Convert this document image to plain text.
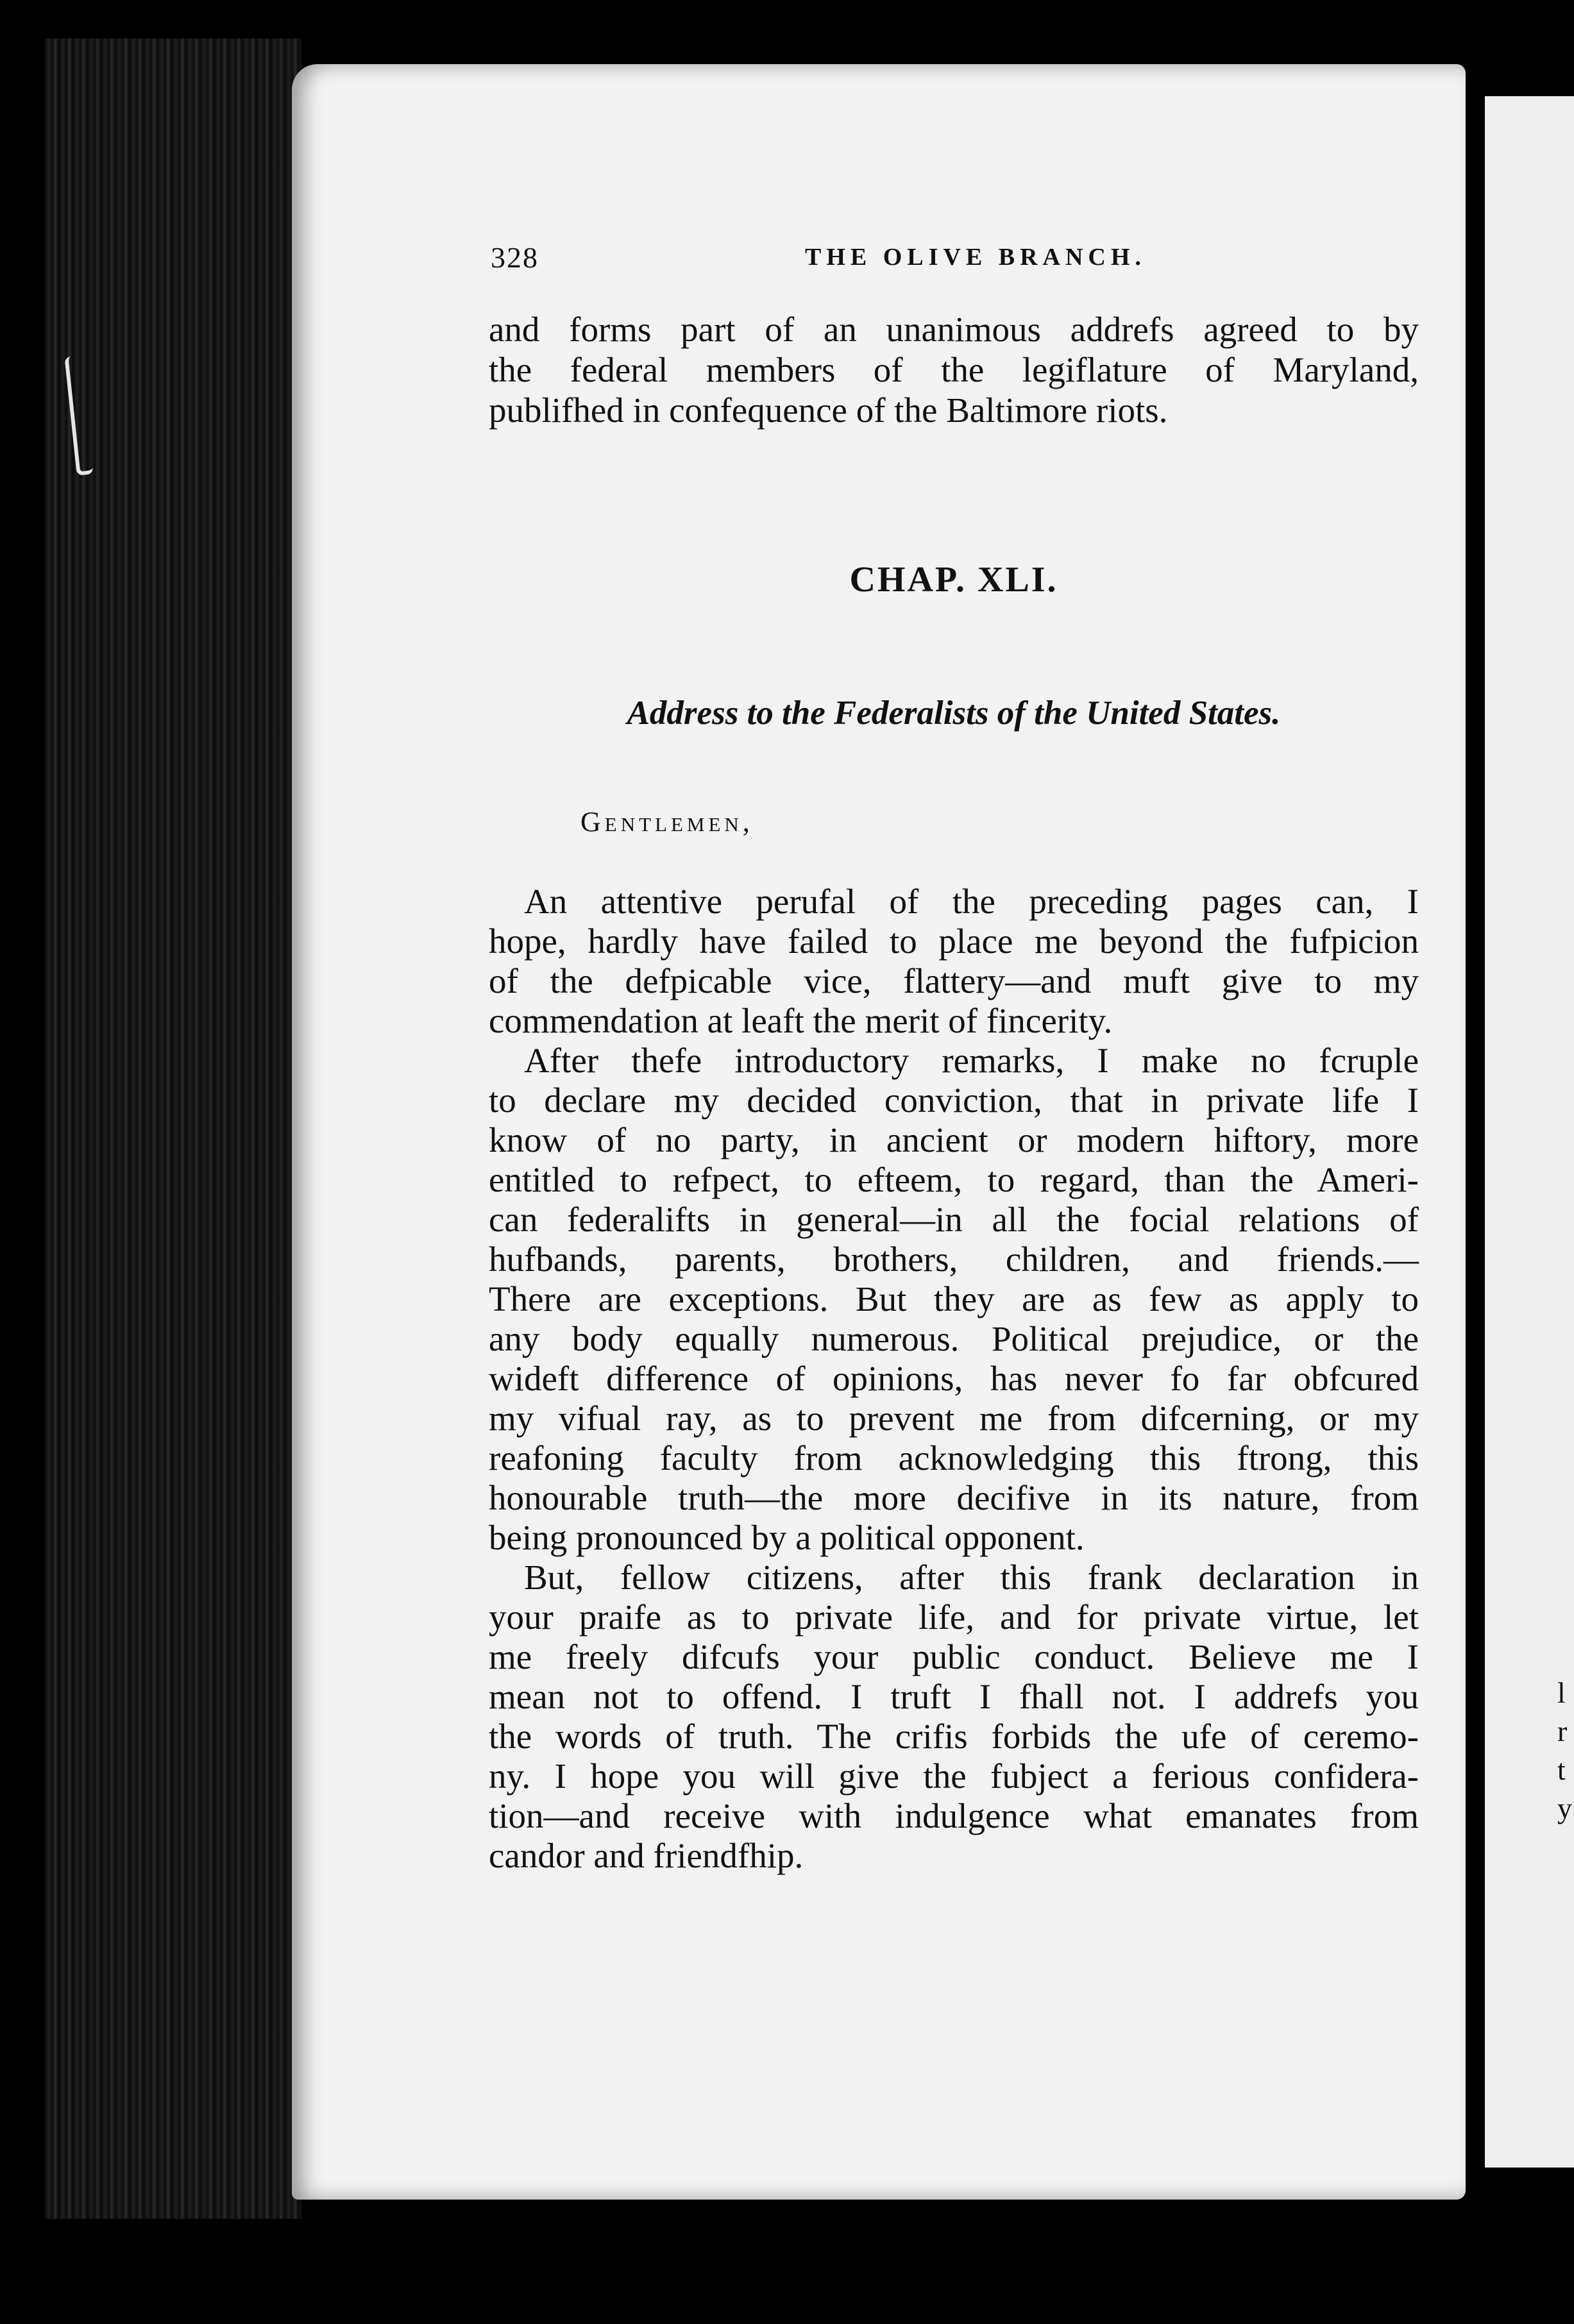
l
r
t
y
328	THE OLIVE BRANCH.
and forms part of an unanimous addrefs agreed to by
the federal members of the legiflature of Maryland,
publifhed in confequence of the Baltimore riots.
CHAP. XLI.
Address to the Federalists of the United States.
Gentlemen,
An attentive perufal of the preceding pages can, I
hope, hardly have failed to place me beyond the fufpicion
of the defpicable vice, flattery—and muft give to my
commendation at leaft the merit of fincerity.
After thefe introductory remarks, I make no fcruple
to declare my decided conviction, that in private life I
know of no party, in ancient or modern hiftory, more
entitled to refpect, to efteem, to regard, than the Ameri-
can federalifts in general—in all the focial relations of
hufbands, parents, brothers, children, and friends.—
There are exceptions. But they are as few as apply to
any body equally numerous. Political prejudice, or the
wideft difference of opinions, has never fo far obfcured
my vifual ray, as to prevent me from difcerning, or my
reafoning faculty from acknowledging this ftrong, this
honourable truth—the more decifive in its nature, from
being pronounced by a political opponent.
But, fellow citizens, after this frank declaration in
your praife as to private life, and for private virtue, let
me freely difcufs your public conduct. Believe me I
mean not to offend. I truft I fhall not. I addrefs you
the words of truth. The crifis forbids the ufe of ceremo-
ny. I hope you will give the fubject a ferious confidera-
tion—and receive with indulgence what emanates from
candor and friendfhip.
